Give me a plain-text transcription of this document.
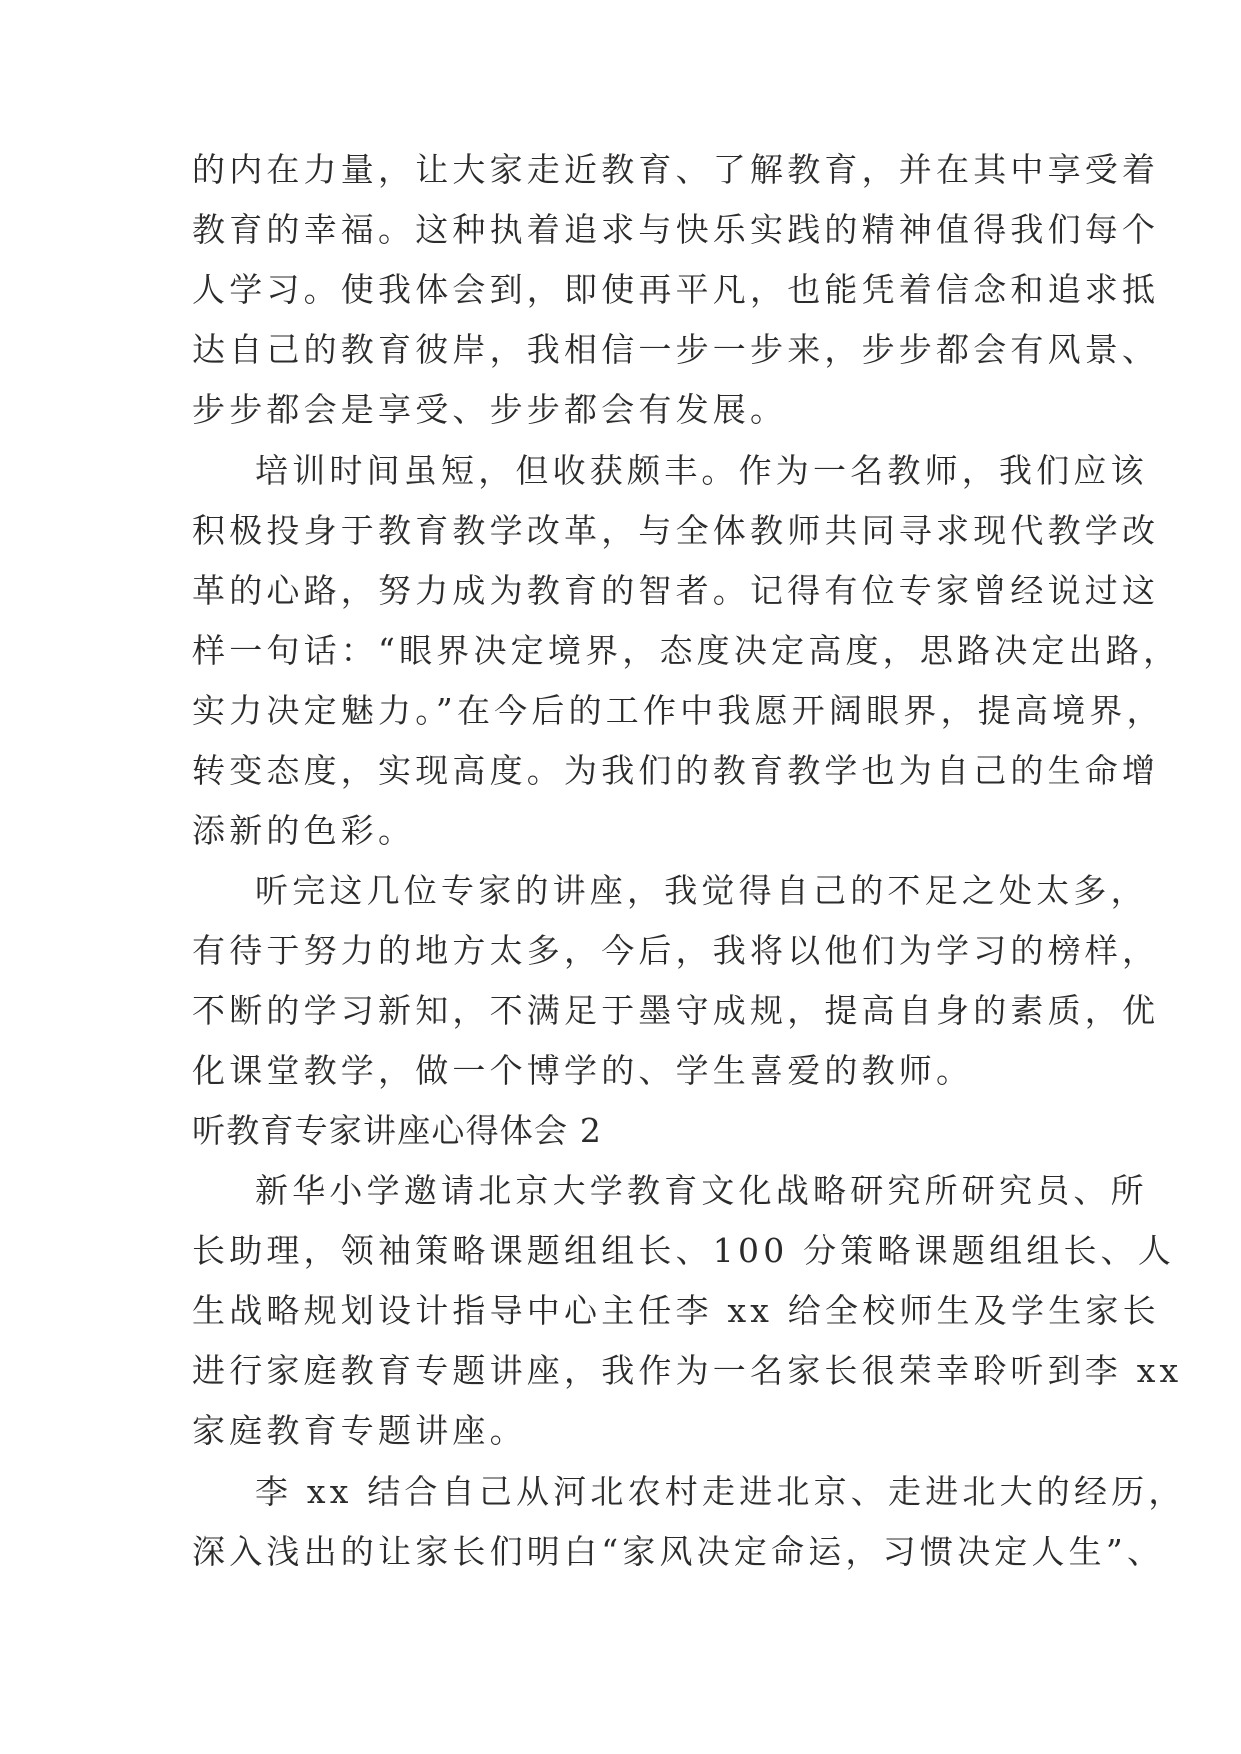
的内在力量，让大家走近教育、了解教育，并在其中享受着

教育的幸福。这种执着追求与快乐实践的精神值得我们每个

人学习。使我体会到，即使再平凡，也能凭着信念和追求抵

达自己的教育彼岸，我相信一步一步来，步步都会有风景、

步步都会是享受、步步都会有发展。

培训时间虽短，但收获颇丰。作为一名教师，我们应该

积极投身于教育教学改革，与全体教师共同寻求现代教学改

革的心路，努力成为教育的智者。记得有位专家曾经说过这

样一句话：“眼界决定境界，态度决定高度，思路决定出路，

实力决定魅力。”在今后的工作中我愿开阔眼界，提高境界，

转变态度，实现高度。为我们的教育教学也为自己的生命增

添新的色彩。

听完这几位专家的讲座，我觉得自己的不足之处太多，

有待于努力的地方太多，今后，我将以他们为学习的榜样，

不断的学习新知，不满足于墨守成规，提高自身的素质，优

化课堂教学，做一个博学的、学生喜爱的教师。

听教育专家讲座心得体会 2

新华小学邀请北京大学教育文化战略研究所研究员、所

长助理，领袖策略课题组组长、100 分策略课题组组长、人

生战略规划设计指导中心主任李 xx 给全校师生及学生家长

进行家庭教育专题讲座，我作为一名家长很荣幸聆听到李 xx

家庭教育专题讲座。

李 xx 结合自己从河北农村走进北京、走进北大的经历，

深入浅出的让家长们明白“家风决定命运，习惯决定人生”、
